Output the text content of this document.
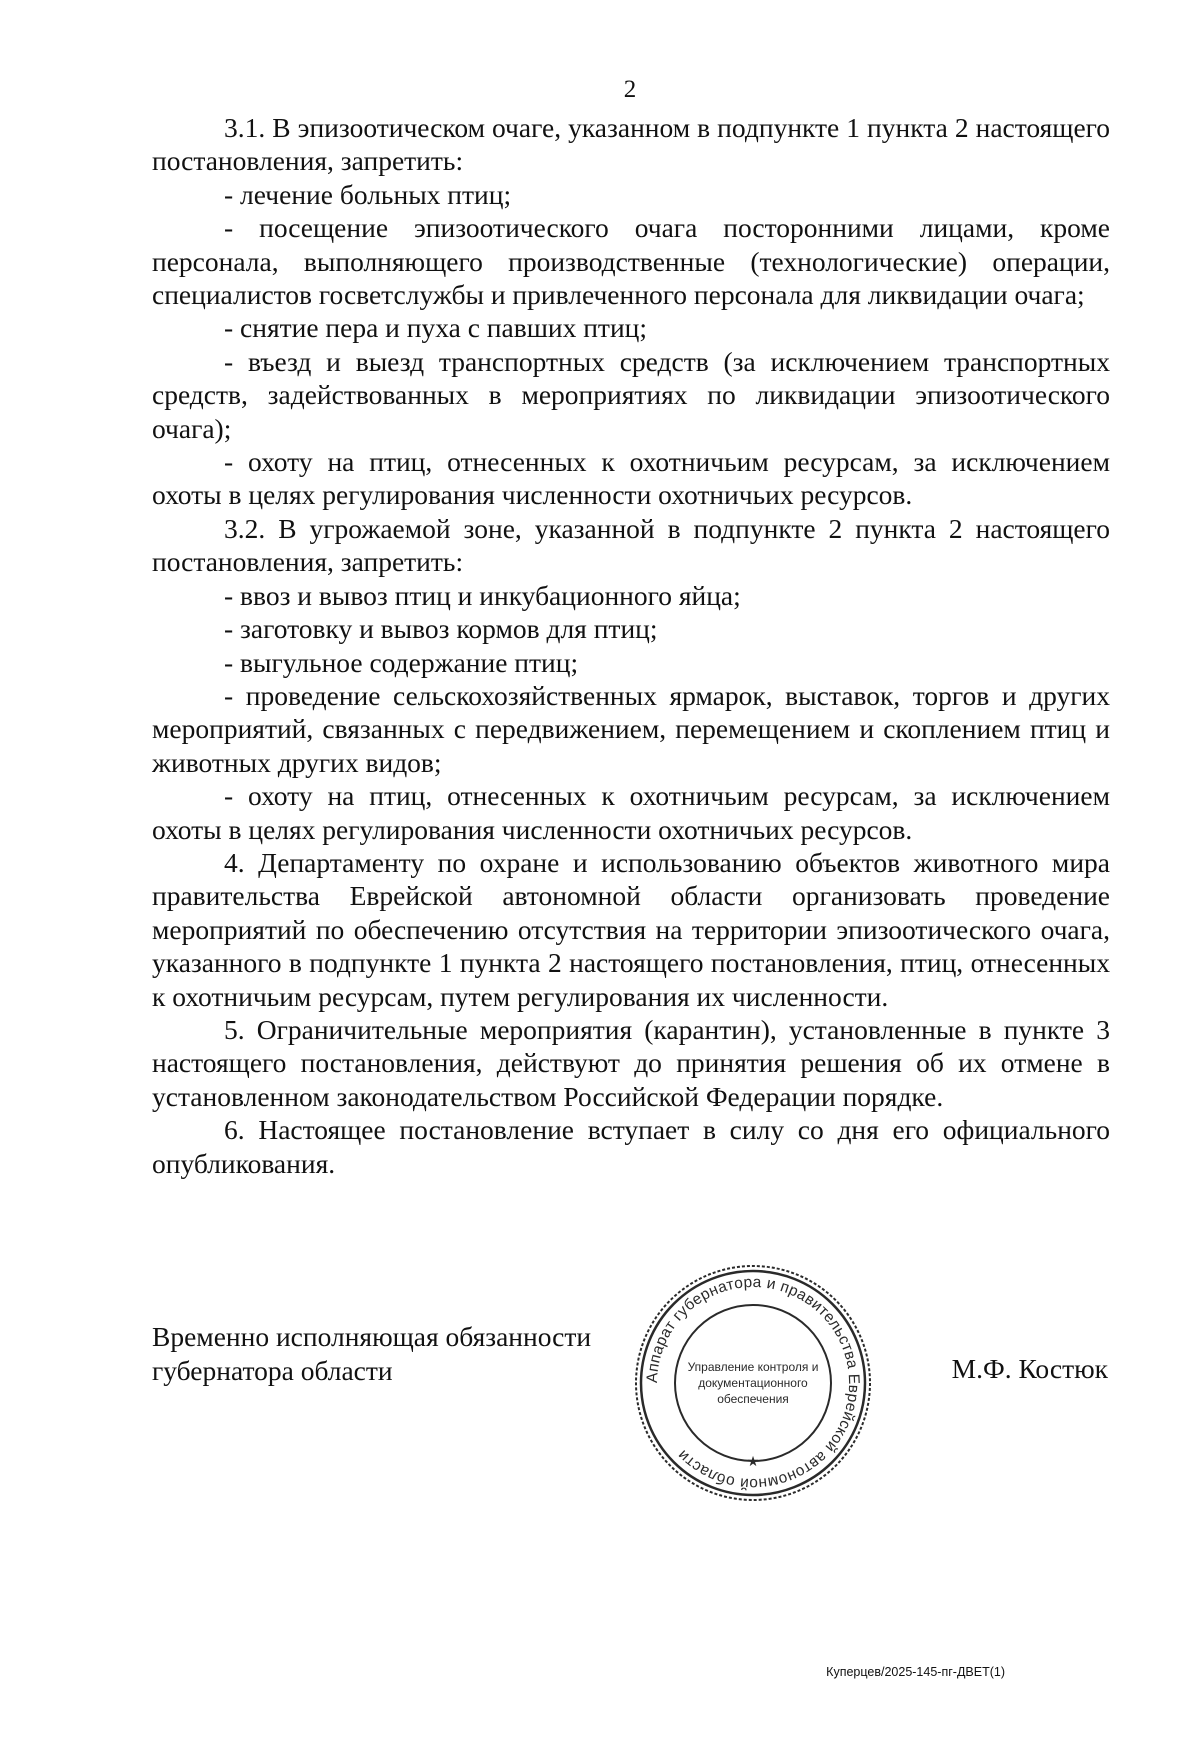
2

3.1. В эпизоотическом очаге, указанном в подпункте 1 пункта 2 настоящего постановления, запретить:

- лечение больных птиц;

- посещение эпизоотического очага посторонними лицами, кроме персонала, выполняющего производственные (технологические) операции, специалистов госветслужбы и привлеченного персонала для ликвидации очага;

- снятие пера и пуха с павших птиц;

- въезд и выезд транспортных средств (за исключением транспортных средств, задействованных в мероприятиях по ликвидации эпизоотического очага);

- охоту на птиц, отнесенных к охотничьим ресурсам, за исключением охоты в целях регулирования численности охотничьих ресурсов.

3.2. В угрожаемой зоне, указанной в подпункте 2 пункта 2 настоящего постановления, запретить:

- ввоз и вывоз птиц и инкубационного яйца;

- заготовку и вывоз кормов для птиц;

- выгульное содержание птиц;

- проведение сельскохозяйственных ярмарок, выставок, торгов и других мероприятий, связанных с передвижением, перемещением и скоплением птиц и животных других видов;

- охоту на птиц, отнесенных к охотничьим ресурсам, за исключением охоты в целях регулирования численности охотничьих ресурсов.

4. Департаменту по охране и использованию объектов животного мира правительства Еврейской автономной области организовать проведение мероприятий по обеспечению отсутствия на территории эпизоотического очага, указанного в подпункте 1 пункта 2 настоящего постановления, птиц, отнесенных к охотничьим ресурсам, путем регулирования их численности.

5. Ограничительные мероприятия (карантин), установленные в пункте 3 настоящего постановления, действуют до принятия решения об их отмене в установленном законодательством Российской Федерации порядке.

6. Настоящее постановление вступает в силу со дня его официального опубликования.

Временно исполняющая обязанности
губернатора области	Аппарат губернатора и правительства Еврейской автономной области	★
Управление контроля и
документационного
обеспечения
М.Ф. Костюк
Куперцев/2025-145-пг-ДВЕТ(1)
